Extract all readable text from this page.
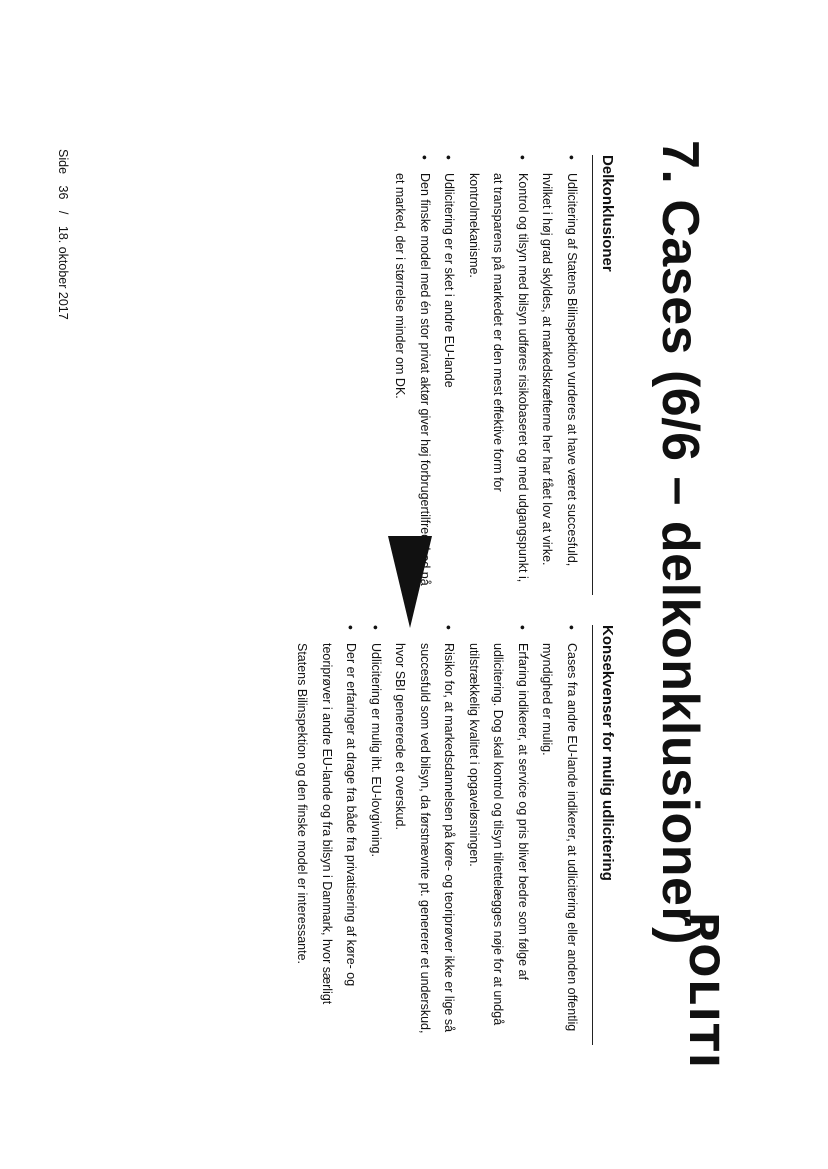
7. Cases (6/6 – delkonklusioner)
POLITI
Delkonklusioner
•
Udlicitering af Statens Bilinspektion vurderes at have været succesfuld, hvilket i høj grad skyldes, at markedskræfterne her har fået lov at virke.
•
Kontrol og tilsyn med bilsyn udføres risikobaseret og med udgangspunkt i, at transparens på markedet er den mest effektive form for kontrolmekanisme.
•
Udlicitering er er sket i andre EU-lande
•
Den finske model med én stor privat aktør giver høj forbrugertilfredshed på et marked, der i størrelse minder om DK.
Konsekvenser for mulig udlicitering
•
Cases fra andre EU-lande indikerer, at udlicitering eller anden offentlig myndighed er mulig.
•
Erfaring indikerer, at service og pris bliver bedre som følge af udlicitering. Dog skal kontrol og tilsyn tilrettelægges nøje for at undgå utilstrækkelig kvalitet i opgaveløsningen.
•
Risiko for, at markedsdannelsen på køre- og teoriprøver ikke er lige så succesfuld som ved bilsyn, da førstnævnte pt. genererer et underskud, hvor SBI genererede et overskud.
•
Udlicitering er mulig iht. EU-lovgivning.
•
Der er erfaringer at drage fra både fra privatisering af køre- og teoriprøver i andre EU-lande og fra bilsyn i Danmark, hvor særligt Statens Bilinspektion og den finske model er interessante.
Side 36 / 18. oktober 2017
